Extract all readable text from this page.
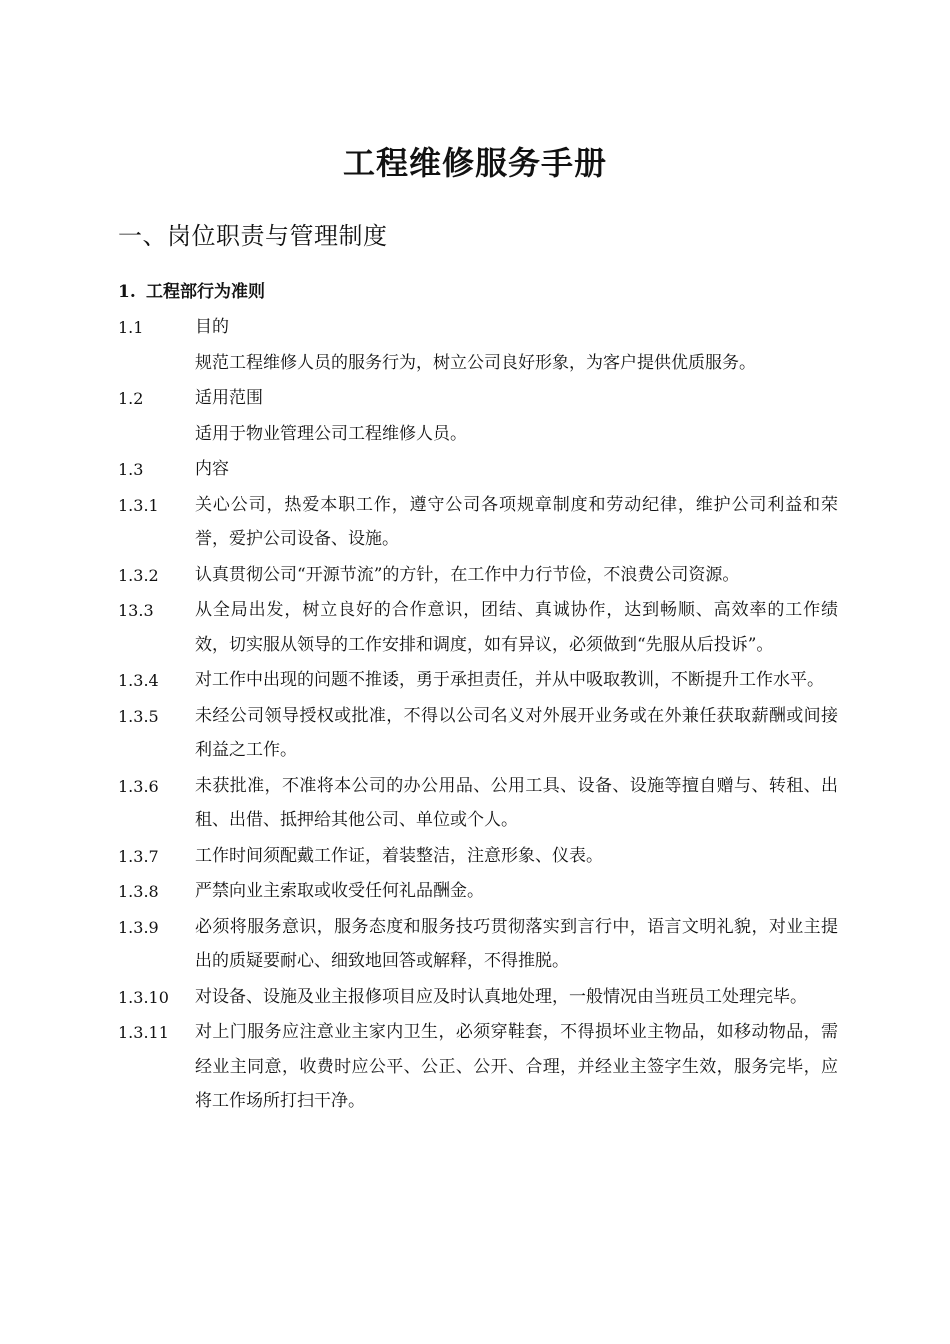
工程维修服务手册
一、岗位职责与管理制度
1. 工程部行为准则
1.1	目的
规范工程维修人员的服务行为，树立公司良好形象，为客户提供优质服务。
1.2	适用范围
适用于物业管理公司工程维修人员。
1.3	内容
1.3.1	关心公司，热爱本职工作，遵守公司各项规章制度和劳动纪律，维护公司利益和荣誉，爱护公司设备、设施。
1.3.2	认真贯彻公司“开源节流”的方针，在工作中力行节俭，不浪费公司资源。
13.3	从全局出发，树立良好的合作意识，团结、真诚协作，达到畅顺、高效率的工作绩效，切实服从领导的工作安排和调度，如有异议，必须做到“先服从后投诉”。
1.3.4	对工作中出现的问题不推诿，勇于承担责任，并从中吸取教训，不断提升工作水平。
1.3.5	未经公司领导授权或批准，不得以公司名义对外展开业务或在外兼任获取薪酬或间接利益之工作。
1.3.6	未获批准，不准将本公司的办公用品、公用工具、设备、设施等擅自赠与、转租、出租、出借、抵押给其他公司、单位或个人。
1.3.7	工作时间须配戴工作证，着装整洁，注意形象、仪表。
1.3.8	严禁向业主索取或收受任何礼品酬金。
1.3.9	必须将服务意识，服务态度和服务技巧贯彻落实到言行中，语言文明礼貌，对业主提出的质疑要耐心、细致地回答或解释，不得推脱。
1.3.10	对设备、设施及业主报修项目应及时认真地处理，一般情况由当班员工处理完毕。
1.3.11	对上门服务应注意业主家内卫生，必须穿鞋套，不得损坏业主物品，如移动物品，需经业主同意，收费时应公平、公正、公开、合理，并经业主签字生效，服务完毕，应将工作场所打扫干净。
